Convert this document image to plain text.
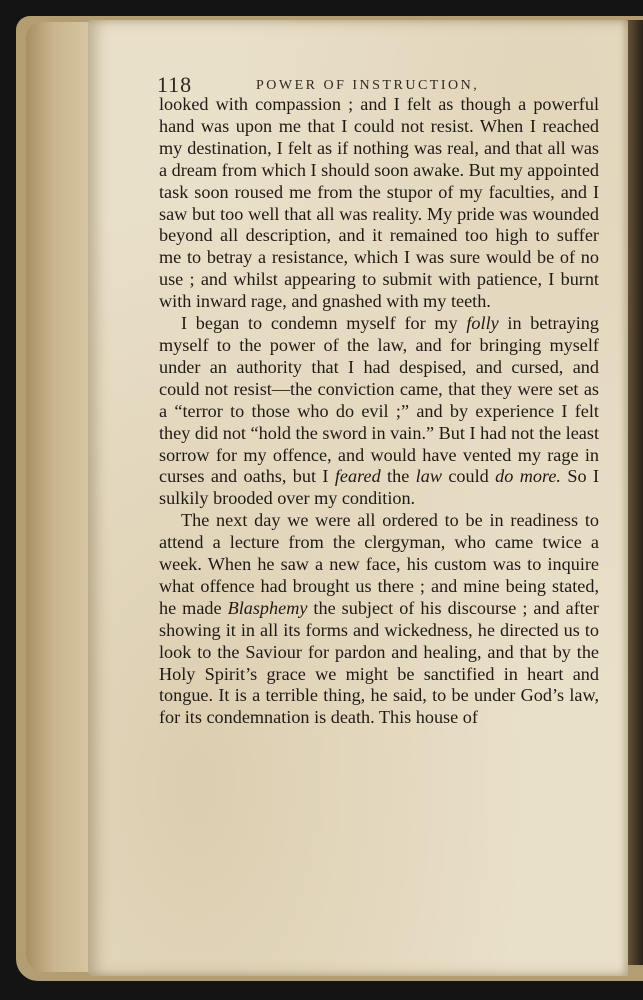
118	POWER OF INSTRUCTION,

looked with compassion ; and I felt as though a powerful hand was upon me that I could not resist. When I reached my destination, I felt as if nothing was real, and that all was a dream from which I should soon awake. But my appointed task soon roused me from the stupor of my faculties, and I saw but too well that all was reality. My pride was wounded beyond all description, and it remained too high to suffer me to betray a resistance, which I was sure would be of no use ; and whilst appearing to submit with patience, I burnt with inward rage, and gnashed with my teeth.

I began to condemn myself for my folly in betraying myself to the power of the law, and for bringing myself under an authority that I had despised, and cursed, and could not resist—the conviction came, that they were set as a “terror to those who do evil ;” and by experience I felt they did not “hold the sword in vain.” But I had not the least sorrow for my offence, and would have vented my rage in curses and oaths, but I feared the law could do more. So I sulkily brooded over my condition.

The next day we were all ordered to be in readiness to attend a lecture from the clergyman, who came twice a week. When he saw a new face, his custom was to inquire what offence had brought us there ; and mine being stated, he made Blasphemy the subject of his discourse ; and after showing it in all its forms and wickedness, he directed us to look to the Saviour for pardon and healing, and that by the Holy Spirit’s grace we might be sanctified in heart and tongue. It is a terrible thing, he said, to be under God’s law, for its condemnation is death. This house of
